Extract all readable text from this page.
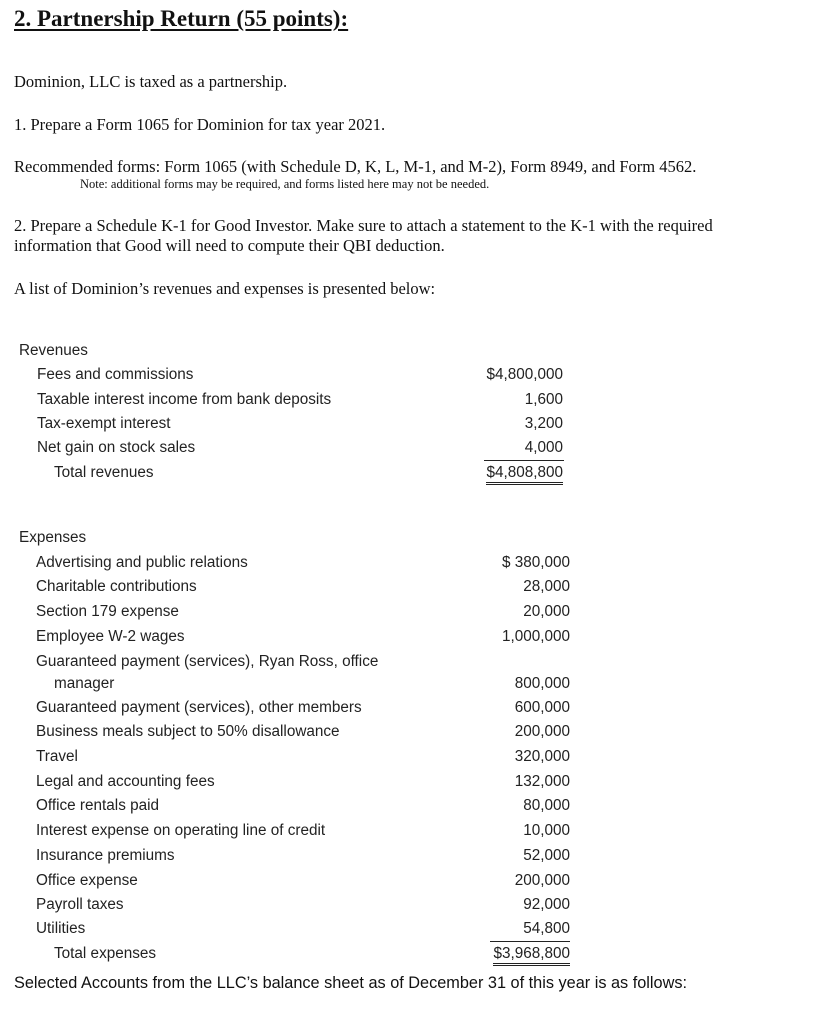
2. Partnership Return (55 points):
Dominion, LLC is taxed as a partnership.
1. Prepare a Form 1065 for Dominion for tax year 2021.
Recommended forms: Form 1065 (with Schedule D, K, L, M-1, and M-2), Form 8949, and Form 4562.
Note: additional forms may be required, and forms listed here may not be needed.
2. Prepare a Schedule K-1 for Good Investor. Make sure to attach a statement to the K-1 with the required
information that Good will need to compute their QBI deduction.
A list of Dominion’s revenues and expenses is presented below:
Revenues
Fees and commissions	$4,800,000
Taxable interest income from bank deposits	1,600
Tax-exempt interest	3,200
Net gain on stock sales	4,000
Total revenues	$4,808,800
Expenses
Advertising and public relations	$ 380,000
Charitable contributions	28,000
Section 179 expense	20,000
Employee W-2 wages	1,000,000
Guaranteed payment (services), Ryan Ross, office
manager	800,000
Guaranteed payment (services), other members	600,000
Business meals subject to 50% disallowance	200,000
Travel	320,000
Legal and accounting fees	132,000
Office rentals paid	80,000
Interest expense on operating line of credit	10,000
Insurance premiums	52,000
Office expense	200,000
Payroll taxes	92,000
Utilities	54,800
Total expenses	$3,968,800
Selected Accounts from the LLC’s balance sheet as of December 31 of this year is as follows:
